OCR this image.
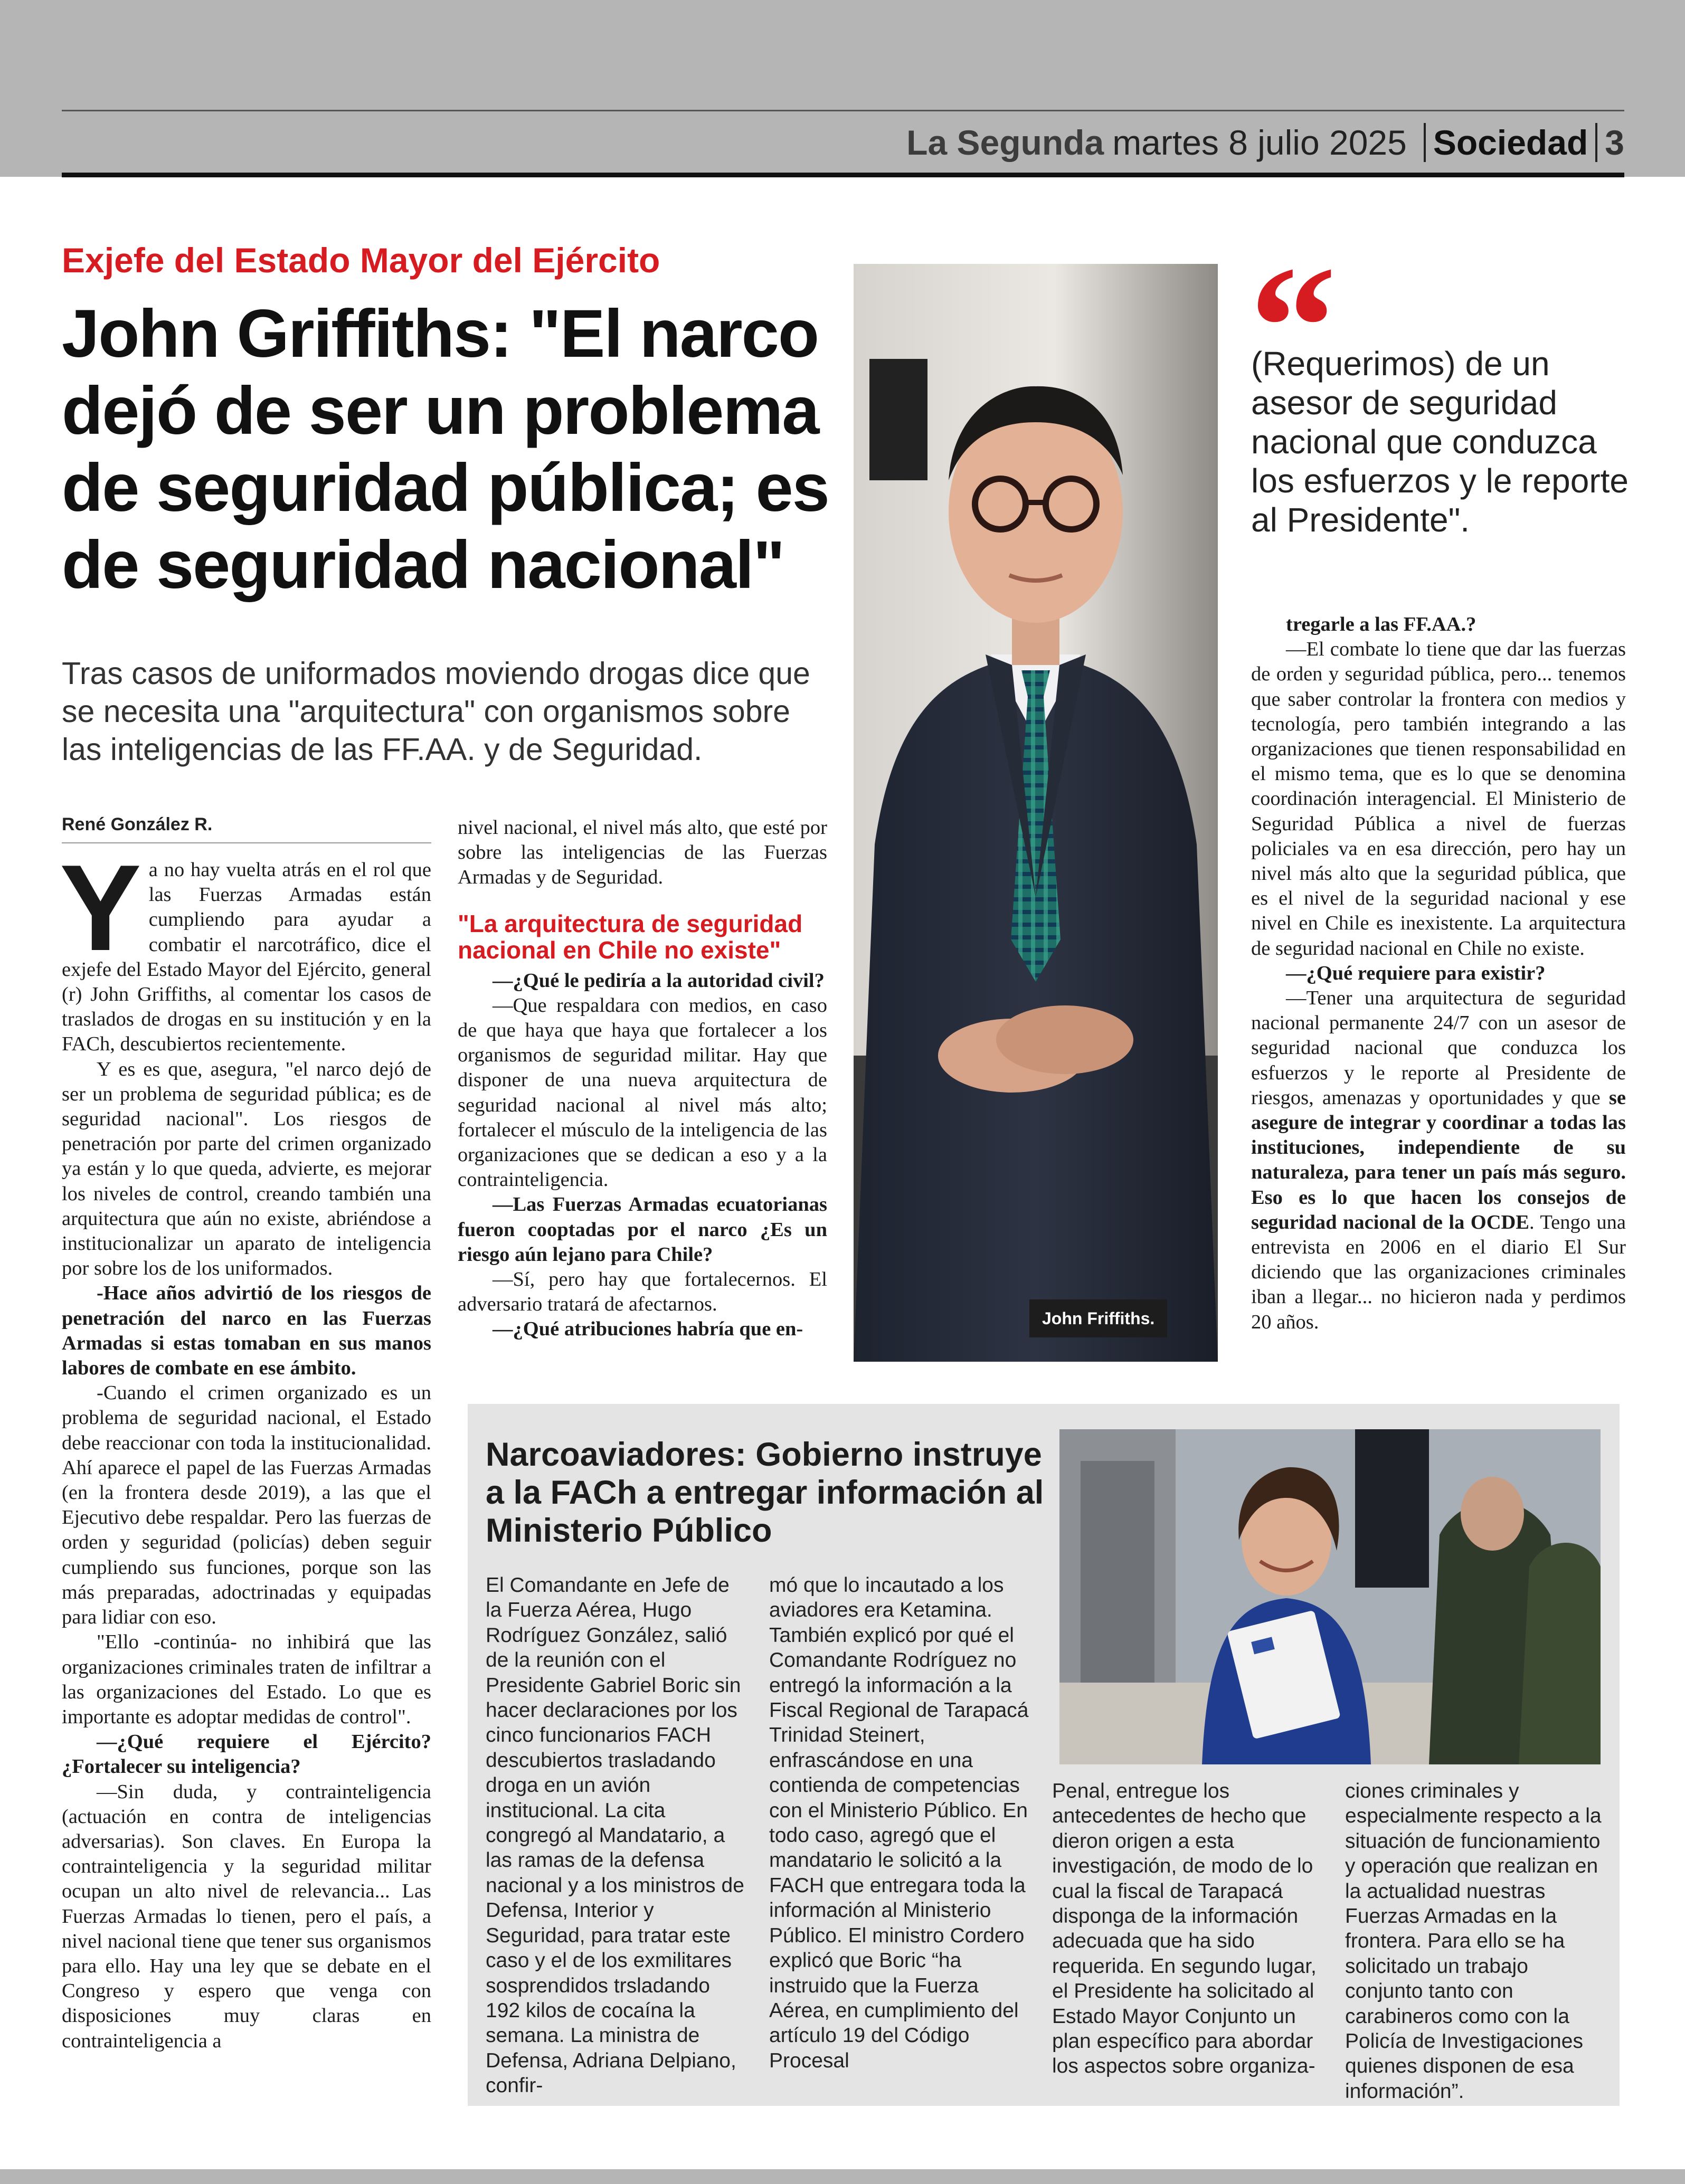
La Segunda martes 8 julio 2025 Sociedad 3
Exjefe del Estado Mayor del Ejército
John Griffiths: "El narco dejó de ser un problema de seguridad pública; es de seguridad nacional"
Tras casos de uniformados moviendo drogas dice que se necesita una "arquitectura" con organismos sobre las inteligencias de las FF.AA. y de Seguridad.
René González R.

Ya no hay vuelta atrás en el rol que las Fuerzas Armadas están cumpliendo para ayudar a combatir el narcotráfico, dice el exjefe del Estado Mayor del Ejército, general (r) John Griffiths, al comentar los casos de traslados de drogas en su institución y en la FACh, descubiertos recientemente.

Y es es que, asegura, "el narco dejó de ser un problema de seguridad pública; es de seguridad nacional". Los riesgos de penetración por parte del crimen organizado ya están y lo que queda, advierte, es mejorar los niveles de control, creando también una arquitectura que aún no existe, abriéndose a institucionalizar un aparato de inteligencia por sobre los de los uniformados.

-Hace años advirtió de los riesgos de penetración del narco en las Fuerzas Armadas si estas tomaban en sus manos labores de combate en ese ámbito.

-Cuando el crimen organizado es un problema de seguridad nacional, el Estado debe reaccionar con toda la institucionalidad. Ahí aparece el papel de las Fuerzas Armadas (en la frontera desde 2019), a las que el Ejecutivo debe respaldar. Pero las fuerzas de orden y seguridad (policías) deben seguir cumpliendo sus funciones, porque son las más preparadas, adoctrinadas y equipadas para lidiar con eso.

"Ello -continúa- no inhibirá que las organizaciones criminales traten de infiltrar a las organizaciones del Estado. Lo que es importante es adoptar medidas de control".

—¿Qué requiere el Ejército? ¿Fortalecer su inteligencia?

—Sin duda, y contrainteligencia (actuación en contra de inteligencias adversarias). Son claves. En Europa la contrainteligencia y la seguridad militar ocupan un alto nivel de relevancia... Las Fuerzas Armadas lo tienen, pero el país, a nivel nacional tiene que tener sus organismos para ello. Hay una ley que se debate en el Congreso y espero que venga con disposiciones muy claras en contrainteligencia a

nivel nacional, el nivel más alto, que esté por sobre las inteligencias de las Fuerzas Armadas y de Seguridad.

"La arquitectura de seguridad nacional en Chile no existe"

—¿Qué le pediría a la autoridad civil?

—Que respaldara con medios, en caso de que haya que haya que fortalecer a los organismos de seguridad militar. Hay que disponer de una nueva arquitectura de seguridad nacional al nivel más alto; fortalecer el músculo de la inteligencia de las organizaciones que se dedican a eso y a la contrainteligencia.

—Las Fuerzas Armadas ecuatorianas fueron cooptadas por el narco ¿Es un riesgo aún lejano para Chile?

—Sí, pero hay que fortalecernos. El adversario tratará de afectarnos.

—¿Qué atribuciones habría que en-	John Friffiths.
“
(Requerimos) de un asesor de seguridad nacional que conduzca los esfuerzos y le reporte al Presidente".

tregarle a las FF.AA.?

—El combate lo tiene que dar las fuerzas de orden y seguridad pública, pero... tenemos que saber controlar la frontera con medios y tecnología, pero también integrando a las organizaciones que tienen responsabilidad en el mismo tema, que es lo que se denomina coordinación interagencial. El Ministerio de Seguridad Pública a nivel de fuerzas policiales va en esa dirección, pero hay un nivel más alto que la seguridad pública, que es el nivel de la seguridad nacional y ese nivel en Chile es inexistente. La arquitectura de seguridad nacional en Chile no existe.

—¿Qué requiere para existir?

—Tener una arquitectura de seguridad nacional permanente 24/7 con un asesor de seguridad nacional que conduzca los esfuerzos y le reporte al Presidente de riesgos, amenazas y oportunidades y que se asegure de integrar y coordinar a todas las instituciones, independiente de su naturaleza, para tener un país más seguro. Eso es lo que hacen los consejos de seguridad nacional de la OCDE. Tengo una entrevista en 2006 en el diario El Sur diciendo que las organizaciones criminales iban a llegar... no hicieron nada y perdimos 20 años.

Narcoaviadores: Gobierno instruye a la FACh a entregar información al Ministerio Público

El Comandante en Jefe de la Fuerza Aérea, Hugo Rodríguez González, salió de la reunión con el Presidente Gabriel Boric sin hacer declaraciones por los cinco funcionarios FACH descubiertos trasladando droga en un avión institucional. La cita congregó al Mandatario, a las ramas de la defensa nacional y a los ministros de Defensa, Interior y Seguridad, para tratar este caso y el de los exmilitares sosprendidos trsladando 192 kilos de cocaína la semana. La ministra de Defensa, Adriana Delpiano, confir-

mó que lo incautado a los aviadores era Ketamina. También explicó por qué el Comandante Rodríguez no entregó la información a la Fiscal Regional de Tarapacá Trinidad Steinert, enfrascándose en una contienda de competencias con el Ministerio Público. En todo caso, agregó que el mandatario le solicitó a la FACH que entregara toda la información al Ministerio Público. El ministro Cordero explicó que Boric “ha instruido que la Fuerza Aérea, en cumplimiento del artículo 19 del Código Procesal

Penal, entregue los antecedentes de hecho que dieron origen a esta investigación, de modo de lo cual la fiscal de Tarapacá disponga de la información adecuada que ha sido requerida. En segundo lugar, el Presidente ha solicitado al Estado Mayor Conjunto un plan específico para abordar los aspectos sobre organiza-

ciones criminales y especialmente respecto a la situación de funcionamiento y operación que realizan en la actualidad nuestras Fuerzas Armadas en la frontera. Para ello se ha solicitado un trabajo conjunto tanto con carabineros como con la Policía de Investigaciones quienes disponen de esa información”.
